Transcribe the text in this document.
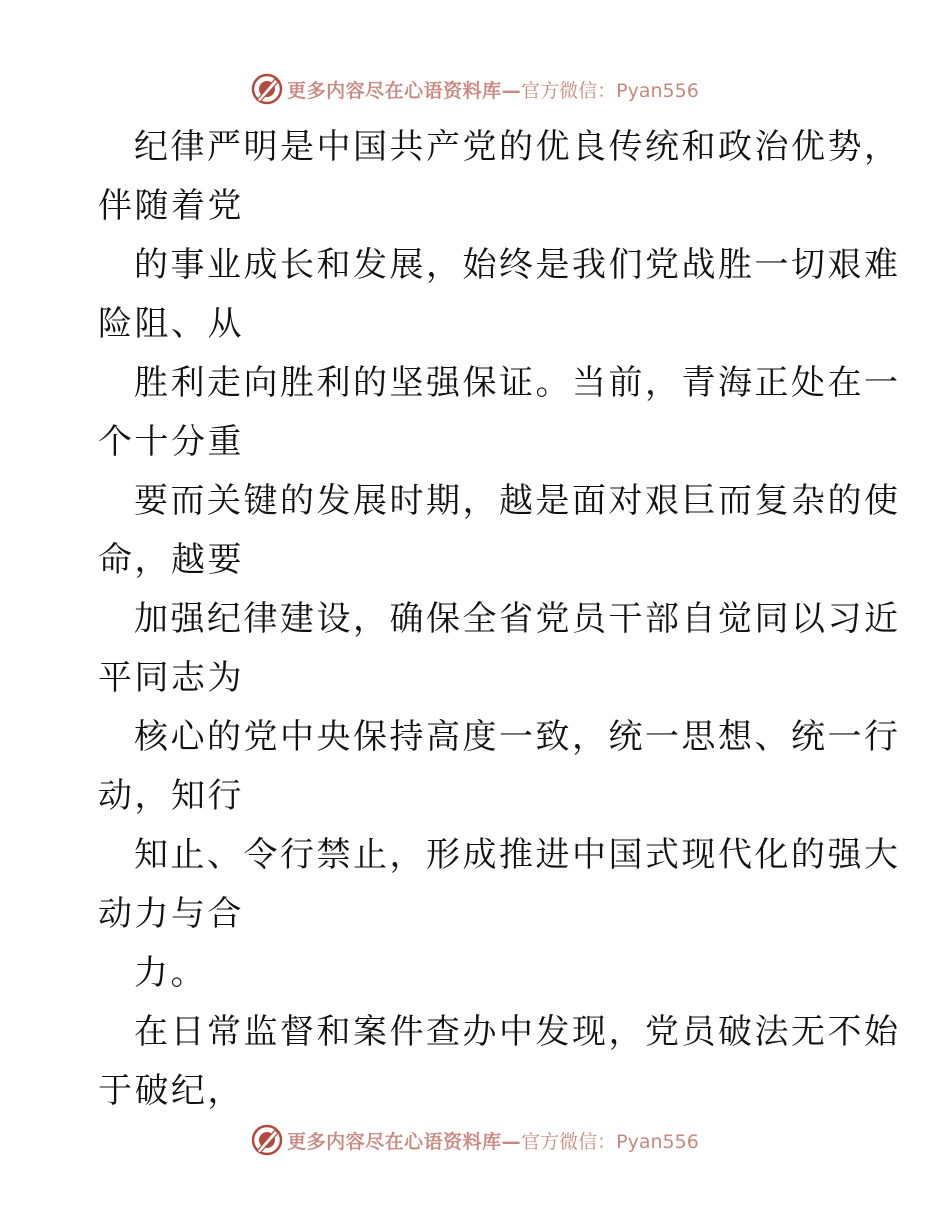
更多内容尽在心语资料库— 官方微信：Pyan556
纪律严明是中国共产党的优良传统和政治优势，
伴随着党
的事业成长和发展，始终是我们党战胜一切艰难
险阻、从
胜利走向胜利的坚强保证。当前，青海正处在一
个十分重
要而关键的发展时期，越是面对艰巨而复杂的使
命，越要
加强纪律建设，确保全省党员干部自觉同以习近
平同志为
核心的党中央保持高度一致，统一思想、统一行
动，知行
知止、令行禁止，形成推进中国式现代化的强大
动力与合
力。
在日常监督和案件查办中发现，党员破法无不始
于破纪，
更多内容尽在心语资料库— 官方微信：Pyan556
